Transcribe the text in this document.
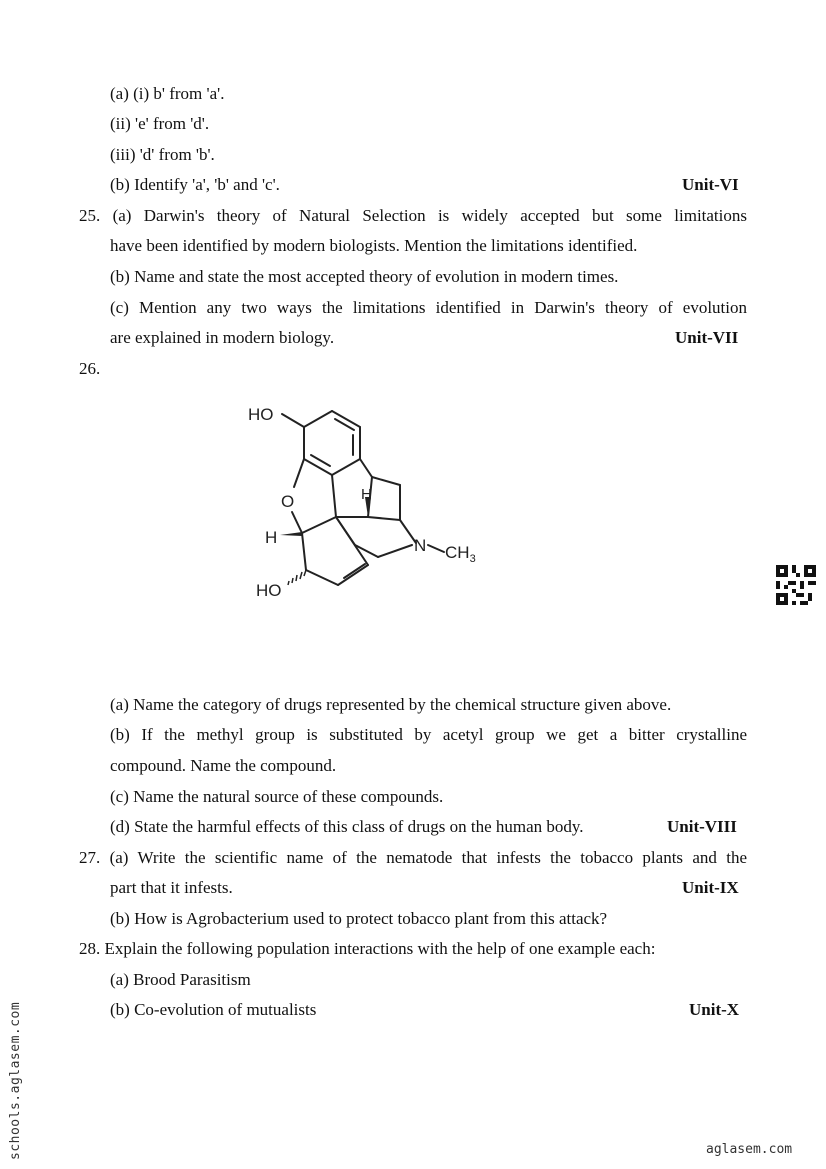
(a) (i) b' from 'a'.
(ii) 'e' from 'd'.
(iii) 'd' from 'b'.
(b) Identify 'a', 'b' and 'c'.	Unit-VI
25. (a) Darwin's theory of Natural Selection is widely accepted but some limitations
have been identified by modern biologists. Mention the limitations identified.
(b) Name and state the most accepted theory of evolution in modern times.
(c) Mention any two ways the limitations identified in Darwin's theory of evolution
are explained in modern biology.	Unit-VII
26.
HO
O
H
H
N $CH_3$
HO
(a) Name the category of drugs represented by the chemical structure given above.
(b) If the methyl group is substituted by acetyl group we get a bitter crystalline
compound. Name the compound.
(c) Name the natural source of these compounds.
(d) State the harmful effects of this class of drugs on the human body.	Unit-VIII
27. (a) Write the scientific name of the nematode that infests the tobacco plants and the
part that it infests.	Unit-IX
(b) How is Agrobacterium used to protect tobacco plant from this attack?
28. Explain the following population interactions with the help of one example each:
(a) Brood Parasitism
(b) Co-evolution of mutualists	Unit-X
schools.aglasem.com	aglasem.com
